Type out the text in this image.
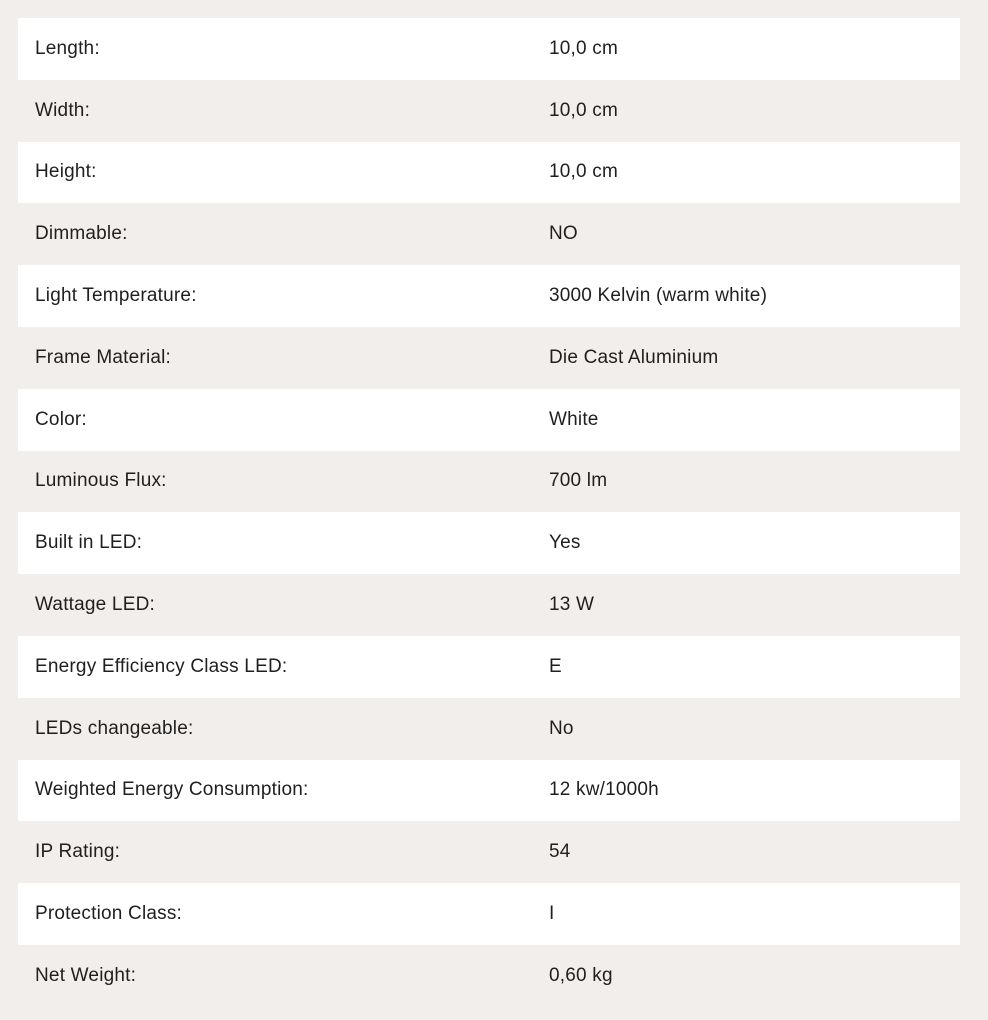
Length:	10,0 cm
Width:	10,0 cm
Height:	10,0 cm
Dimmable:	NO
Light Temperature:	3000 Kelvin (warm white)
Frame Material:	Die Cast Aluminium
Color:	White
Luminous Flux:	700 lm
Built in LED:	Yes
Wattage LED:	13 W
Energy Efficiency Class LED:	E
LEDs changeable:	No
Weighted Energy Consumption:	12 kw/1000h
IP Rating:	54
Protection Class:	I
Net Weight:	0,60 kg
